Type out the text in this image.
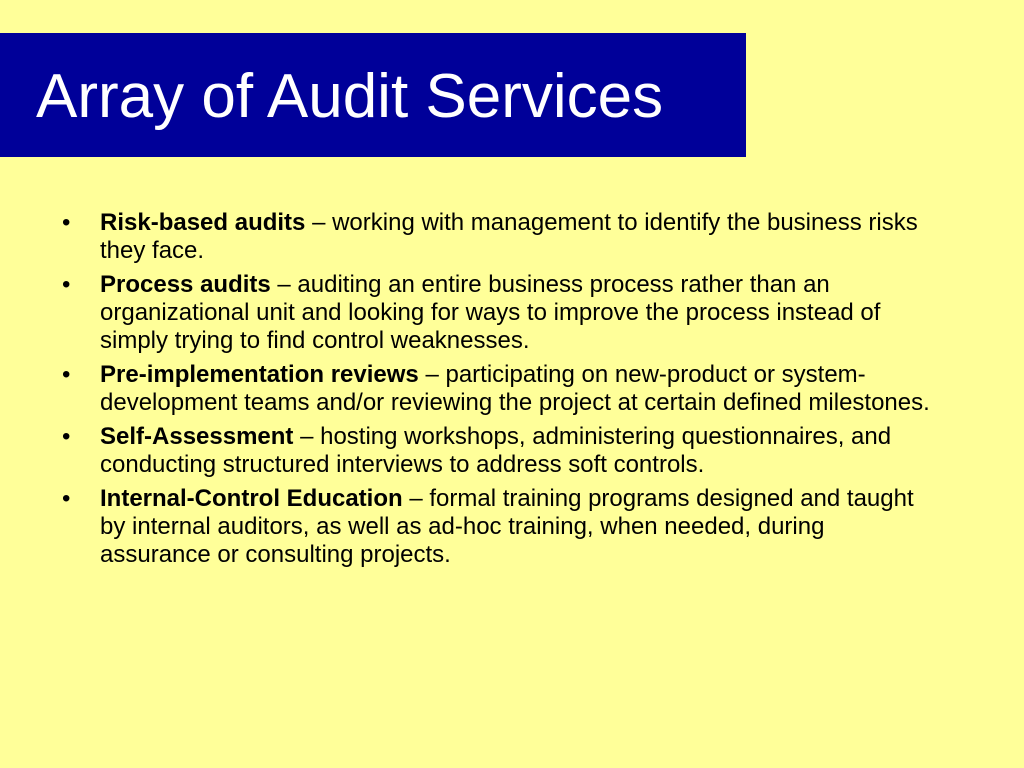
Array of Audit Services
•	Risk-based audits – working with management to identify the business risks they face.
•	Process audits – auditing an entire business process rather than an organizational unit and looking for ways to improve the process instead of simply trying to find control weaknesses.
•	Pre-implementation reviews – participating on new-product or system-development teams and/or reviewing the project at certain defined milestones.
•	Self-Assessment – hosting workshops, administering questionnaires, and conducting structured interviews to address soft controls.
•	Internal-Control Education – formal training programs designed and taught by internal auditors, as well as ad-hoc training, when needed, during assurance or consulting projects.
